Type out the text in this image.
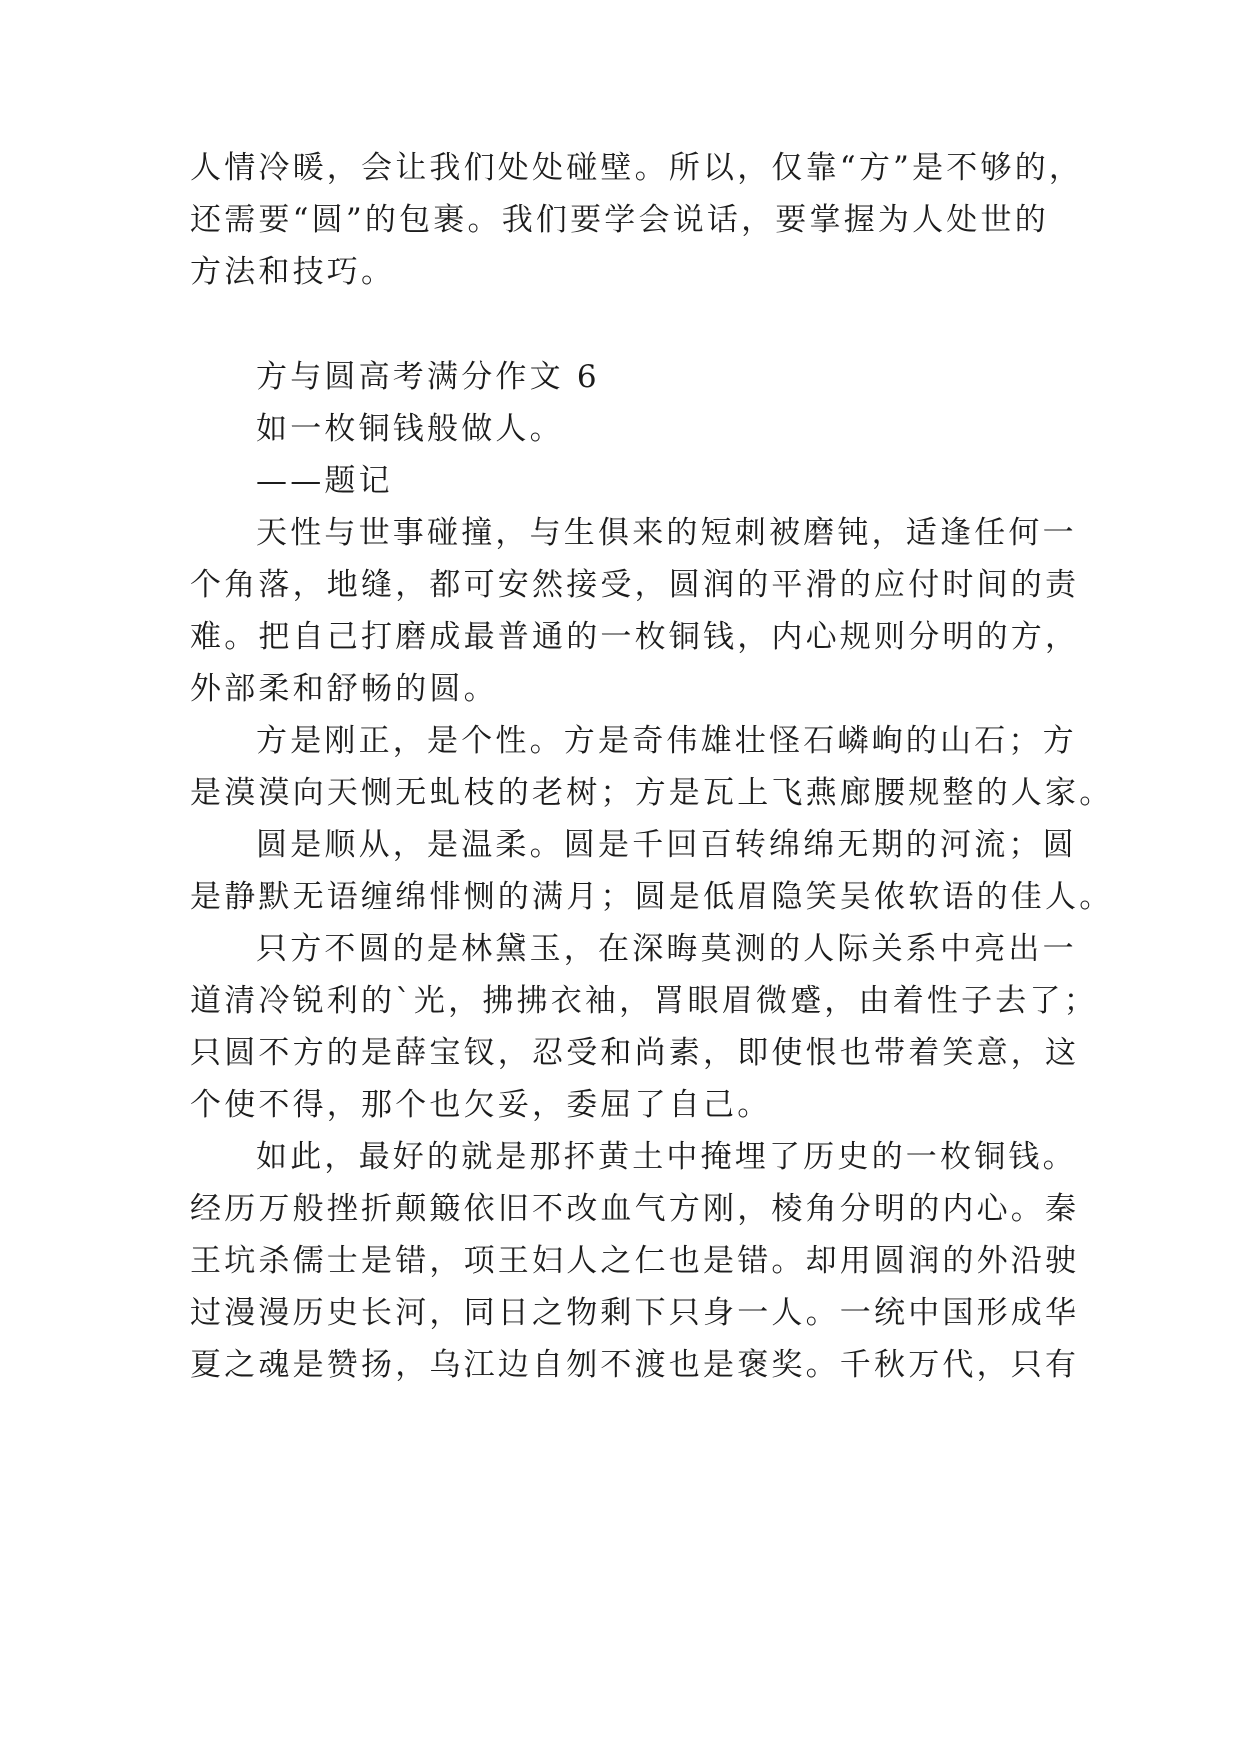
人情冷暖，会让我们处处碰壁。所以，仅靠“方”是不够的，
还需要“圆”的包裹。我们要学会说话，要掌握为人处世的
方法和技巧。
方与圆高考满分作文 6
如一枚铜钱般做人。
——题记
天性与世事碰撞，与生俱来的短刺被磨钝，适逢任何一
个角落，地缝，都可安然接受，圆润的平滑的应付时间的责
难。把自己打磨成最普通的一枚铜钱，内心规则分明的方，
外部柔和舒畅的圆。
方是刚正，是个性。方是奇伟雄壮怪石嶙峋的山石；方
是漠漠向天恻无虬枝的老树；方是瓦上飞燕廊腰规整的人家。
圆是顺从，是温柔。圆是千回百转绵绵无期的河流；圆
是静默无语缠绵悱恻的满月；圆是低眉隐笑吴侬软语的佳人。
只方不圆的是林黛玉，在深晦莫测的人际关系中亮出一
道清冷锐利的`光，拂拂衣袖，罥眼眉微蹙，由着性子去了；
只圆不方的是薛宝钗，忍受和尚素，即使恨也带着笑意，这
个使不得，那个也欠妥，委屈了自己。
如此，最好的就是那抔黄土中掩埋了历史的一枚铜钱。
经历万般挫折颠簸依旧不改血气方刚，棱角分明的内心。秦
王坑杀儒士是错，项王妇人之仁也是错。却用圆润的外沿驶
过漫漫历史长河，同日之物剩下只身一人。一统中国形成华
夏之魂是赞扬，乌江边自刎不渡也是褒奖。千秋万代，只有
